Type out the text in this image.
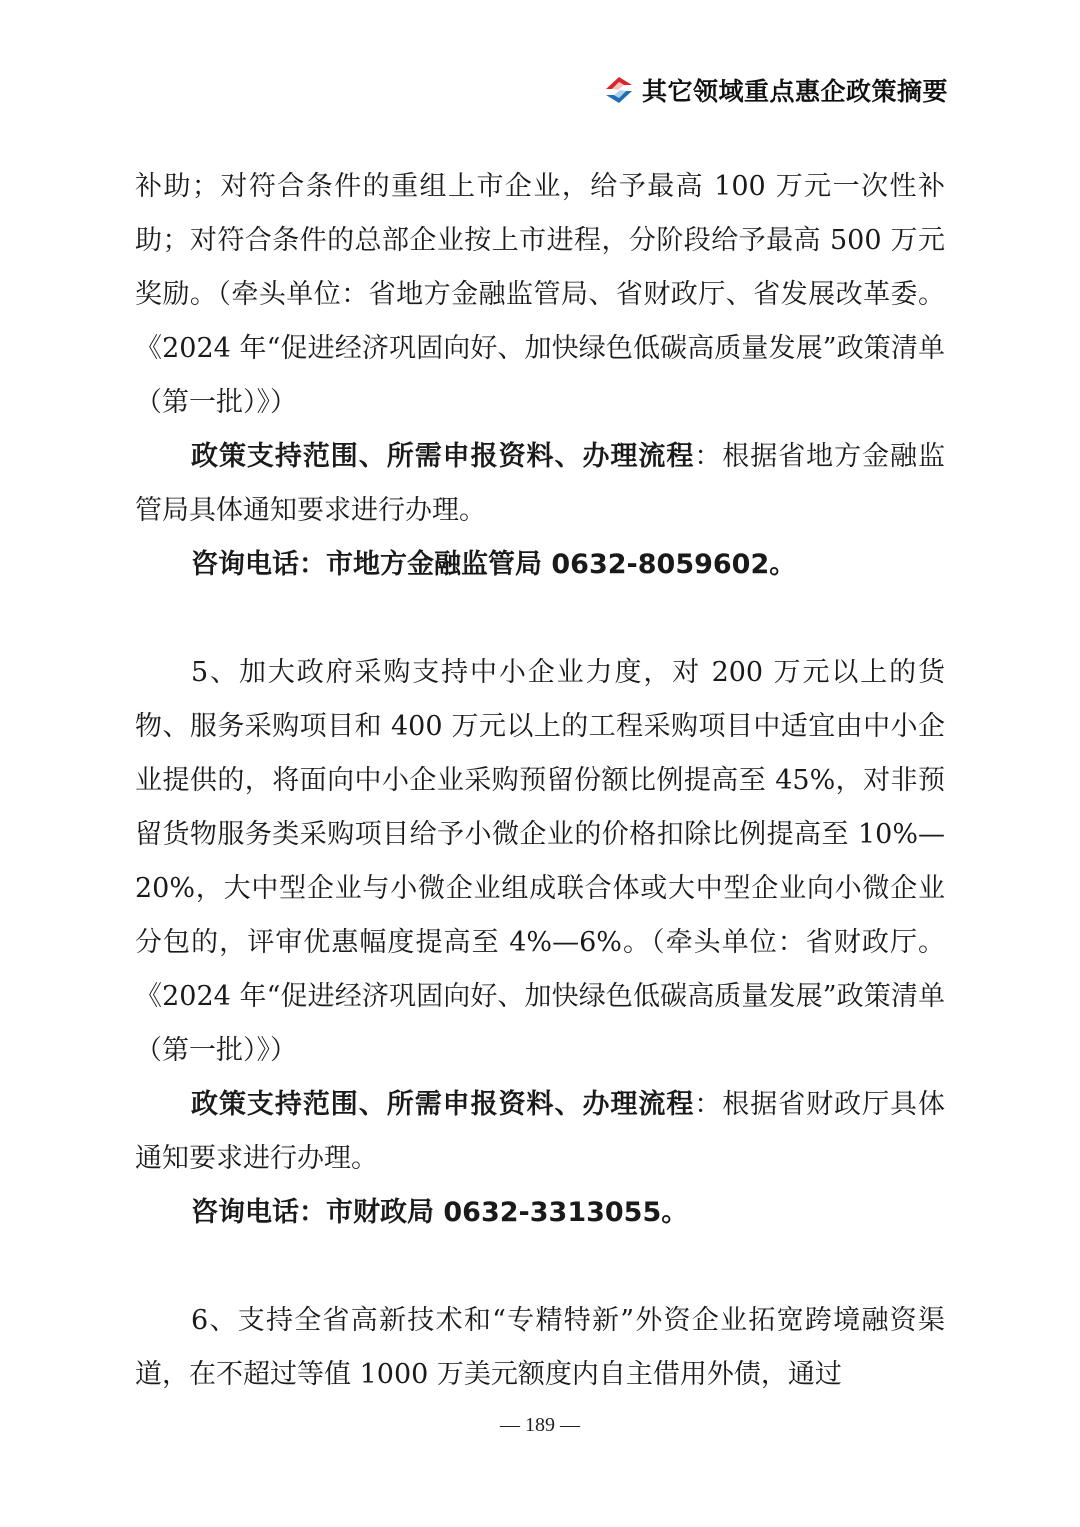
其它领域重点惠企政策摘要

补助；对符合条件的重组上市企业，给予最高 100 万元一次性补助；对符合条件的总部企业按上市进程，分阶段给予最高 500 万元奖励。（牵头单位：省地方金融监管局、省财政厅、省发展改革委。《2024 年“促进经济巩固向好、加快绿色低碳高质量发展”政策清单（第一批）》）

政策支持范围、所需申报资料、办理流程：根据省地方金融监管局具体通知要求进行办理。

咨询电话：市地方金融监管局 0632-8059602。

5、加大政府采购支持中小企业力度，对 200 万元以上的货物、服务采购项目和 400 万元以上的工程采购项目中适宜由中小企业提供的，将面向中小企业采购预留份额比例提高至 45%，对非预留货物服务类采购项目给予小微企业的价格扣除比例提高至 10%—20%，大中型企业与小微企业组成联合体或大中型企业向小微企业分包的，评审优惠幅度提高至 4%—6%。（牵头单位：省财政厅。《2024 年“促进经济巩固向好、加快绿色低碳高质量发展”政策清单（第一批）》）

政策支持范围、所需申报资料、办理流程：根据省财政厅具体通知要求进行办理。

咨询电话：市财政局 0632-3313055。

6、支持全省高新技术和“专精特新”外资企业拓宽跨境融资渠道，在不超过等值 1000 万美元额度内自主借用外债，通过

— 189 —
